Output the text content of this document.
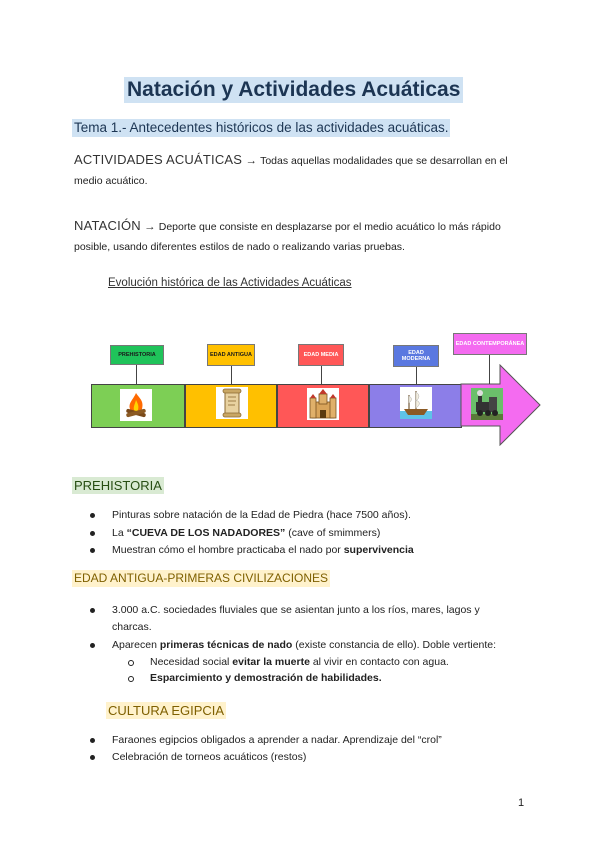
Natación y Actividades Acuáticas
Tema 1.- Antecedentes históricos de las actividades acuáticas.
ACTIVIDADES ACUÁTICAS → Todas aquellas modalidades que se desarrollan en el
medio acuático.
NATACIÓN → Deporte que consiste en desplazarse por el medio acuático lo más rápido
posible, usando diferentes estilos de nado o realizando varias pruebas.
Evolución histórica de las Actividades Acuáticas
PREHISTORIA	EDAD ANTIGUA	EDAD MEDIA	EDAD MODERNA
EDAD CONTEMPORÁNEA
PREHISTORIA
Pinturas sobre natación de la Edad de Piedra (hace 7500 años).
La “CUEVA DE LOS NADADORES” (cave of smimmers)
Muestran cómo el hombre practicaba el nado por supervivencia
EDAD ANTIGUA-PRIMERAS CIVILIZACIONES
3.000 a.C. sociedades fluviales que se asientan junto a los ríos, mares, lagos y
charcas.
Aparecen primeras técnicas de nado (existe constancia de ello). Doble vertiente:
Necesidad social evitar la muerte al vivir en contacto con agua.
Esparcimiento y demostración de habilidades.
CULTURA EGIPCIA
Faraones egipcios obligados a aprender a nadar. Aprendizaje del “crol”
Celebración de torneos acuáticos (restos)
1
